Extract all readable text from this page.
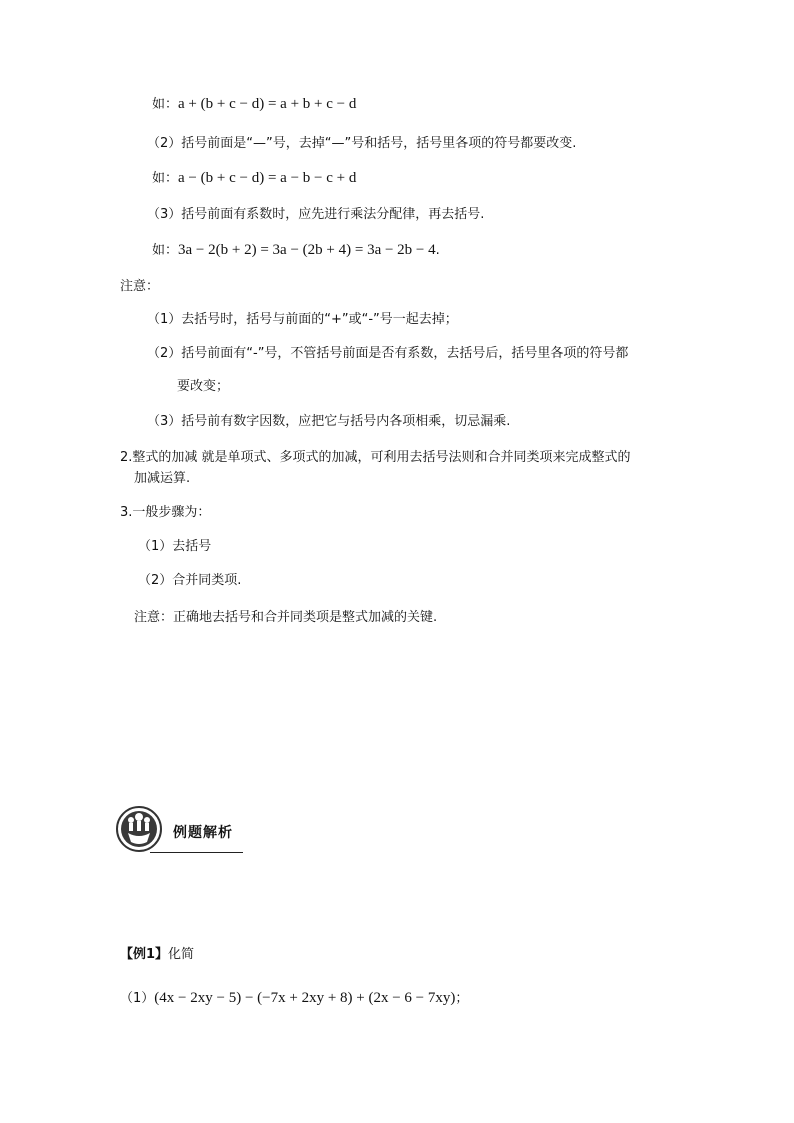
如：a + (b + c − d) = a + b + c − d
（2）括号前面是“—”号，去掉“—”号和括号，括号里各项的符号都要改变.
如：a − (b + c − d) = a − b − c + d
（3）括号前面有系数时，应先进行乘法分配律，再去括号.
如：3a − 2(b + 2) = 3a − (2b + 4) = 3a − 2b − 4.
注意：
（1）去括号时，括号与前面的“+”或“-”号一起去掉；
（2）括号前面有“-”号，不管括号前面是否有系数，去括号后，括号里各项的符号都
要改变；
（3）括号前有数字因数，应把它与括号内各项相乘，切忌漏乘.
2.整式的加减 就是单项式、多项式的加减，可利用去括号法则和合并同类项来完成整式的
加减运算.
3.一般步骤为：
（1）去括号
（2）合并同类项.
注意：正确地去括号和合并同类项是整式加减的关键.
例题解析
【例1】化简
（1）(4x − 2xy − 5) − (−7x + 2xy + 8) + (2x − 6 − 7xy)；
